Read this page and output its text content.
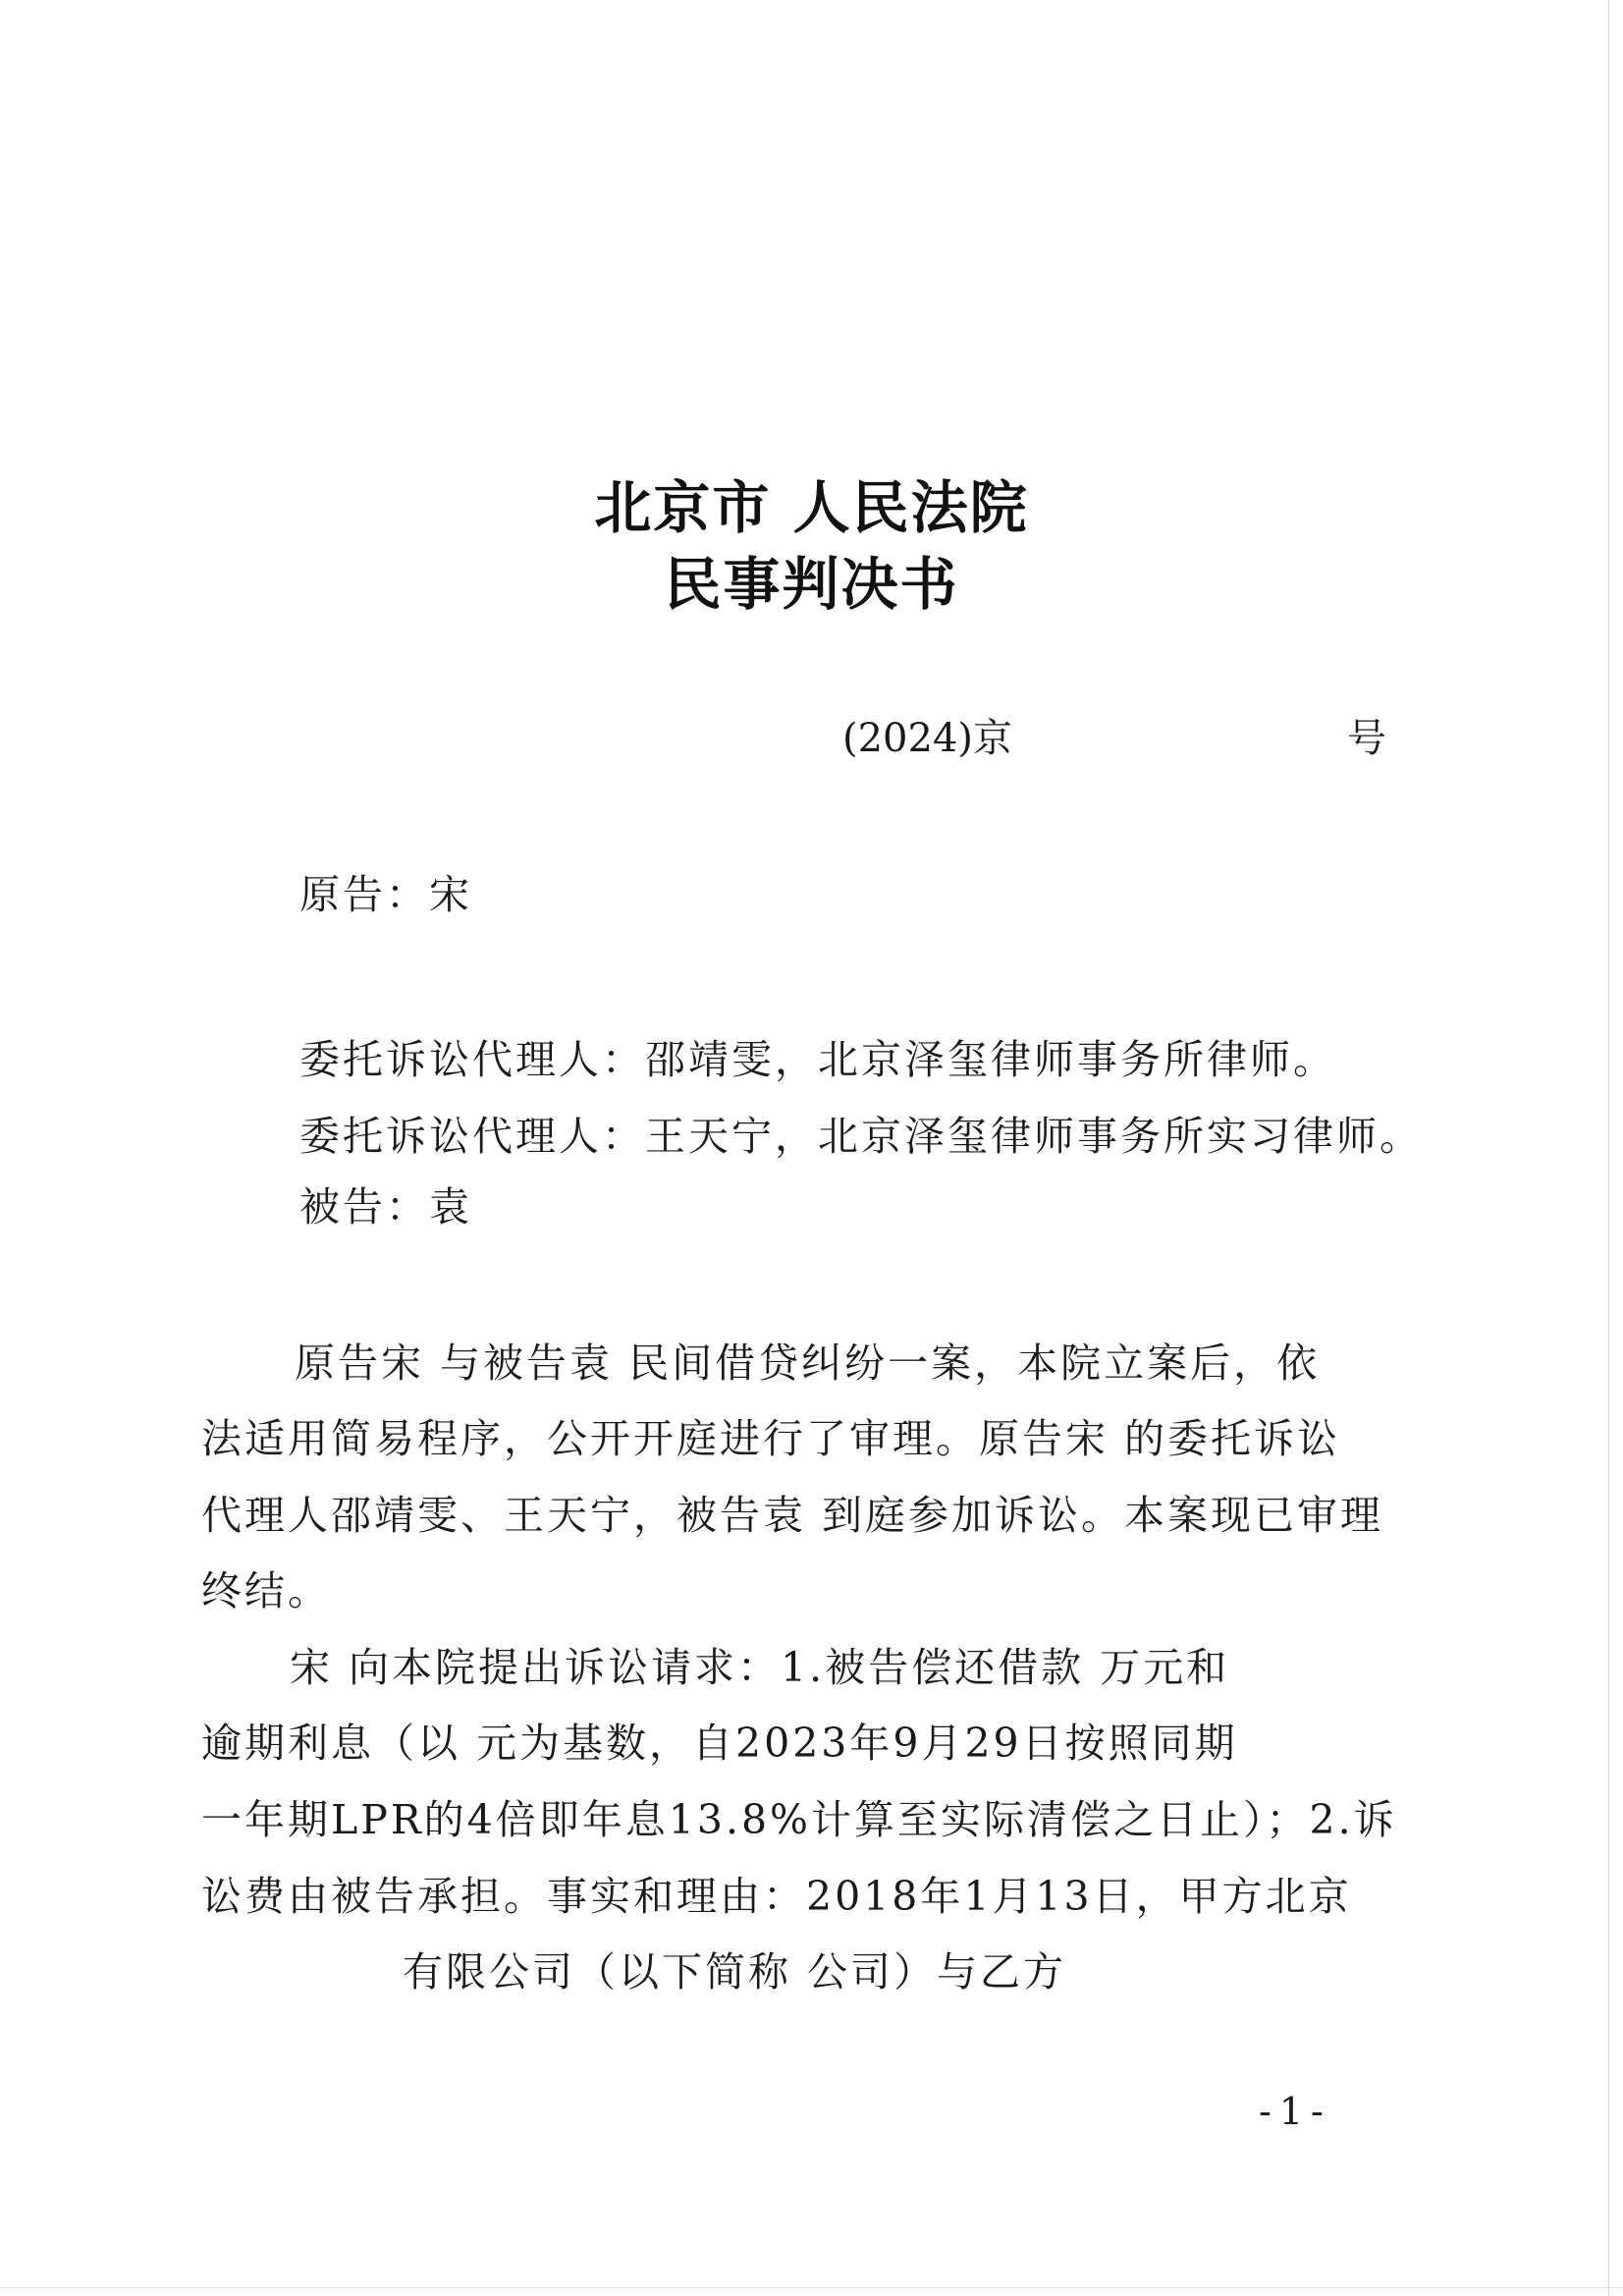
北京市 人民法院
民事判决书
(2024)京	号
原告：宋
委托诉讼代理人：邵靖雯，北京泽玺律师事务所律师。
委托诉讼代理人：王天宁，北京泽玺律师事务所实习律师。
被告：袁
原告宋 与被告袁 民间借贷纠纷一案，本院立案后，依
法适用简易程序，公开开庭进行了审理。原告宋 的委托诉讼
代理人邵靖雯、王天宁，被告袁 到庭参加诉讼。本案现已审理
终结。
宋 向本院提出诉讼请求：1.被告偿还借款 万元和
逾期利息（以 元为基数，自2023年9月29日按照同期
一年期LPR的4倍即年息13.8%计算至实际清偿之日止）；2.诉
讼费由被告承担。事实和理由：2018年1月13日，甲方北京
有限公司（以下简称 公司）与乙方
-1-
